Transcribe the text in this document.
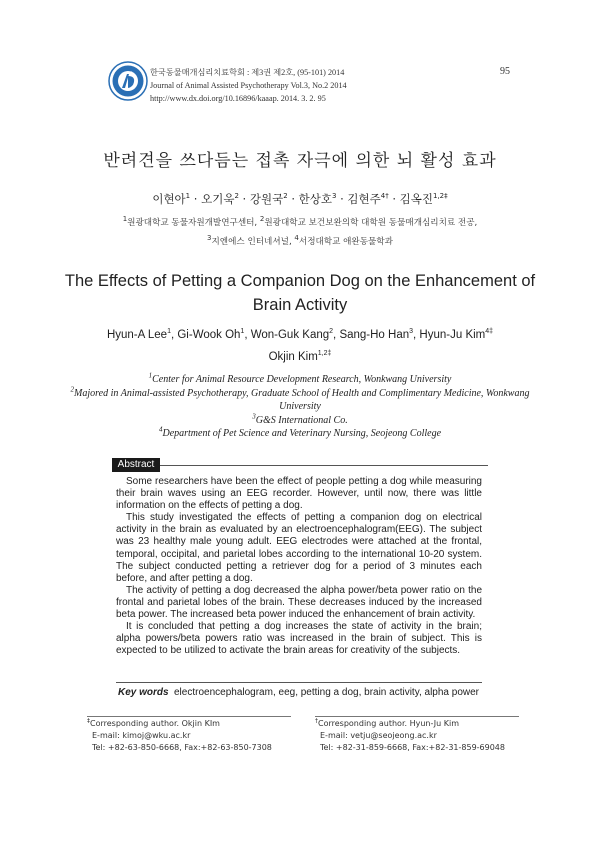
한국동물매개심리치료학회 : 제3권 제2호, (95-101) 2014
Journal of Animal Assisted Psychotherapy Vol.3, No.2 2014
http://www.dx.doi.org/10.16896/kaaap. 2014. 3. 2. 95
95
반려견을 쓰다듬는 접촉 자극에 의한 뇌 활성 효과
이현아$^1$ · 오기욱$^2$ · 강원국$^2$ · 한상호$^3$ · 김현주$^{4\dagger}$ · 김옥진$^{1,2\ddagger}$
$^1$원광대학교 동물자원개발연구센터, $^2$원광대학교 보건보완의학 대학원 동물매개심리치료 전공,
$^3$지엔에스 인터네셔널, $^4$서정대학교 애완동물학과
The Effects of Petting a Companion Dog on the Enhancement of Brain Activity
Hyun-A Lee$^1$, Gi-Wook Oh$^1$, Won-Guk Kang$^2$, Sang-Ho Han$^3$, Hyun-Ju Kim$^{4\ddagger}$
Okjin Kim$^{1,2\ddagger}$
$^1$Center for Animal Resource Development Research, Wonkwang University
$^2$Majored in Animal-assisted Psychotherapy, Graduate School of Health and Complimentary Medicine, Wonkwang University
$^3$G&S International Co.
$^4$Department of Pet Science and Veterinary Nursing, Seojeong College
Abstract

Some researchers have been the effect of people petting a dog while measuring their brain waves using an EEG recorder. However, until now, there was little information on the effects of petting a dog.

This study investigated the effects of petting a companion dog on electrical activity in the brain as evaluated by an electroencephalogram(EEG). The subject was 23 healthy male young adult. EEG electrodes were attached at the frontal, temporal, occipital, and parietal lobes according to the international 10-20 system. The subject conducted petting a retriever dog for a period of 3 minutes each before, and after petting a dog.

The activity of petting a dog decreased the alpha power/beta power ratio on the frontal and parietal lobes of the brain. These decreases induced by the increased beta power. The increased beta power induced the enhancement of brain activity.

It is concluded that petting a dog increases the state of activity in the brain; alpha powers/beta powers ratio was increased in the brain of subject. This is expected to be utilized to activate the brain areas for creativity of the subjects.

Key words electroencephalogram, eeg, petting a dog, brain activity, alpha power
‡Corresponding author. Okjin KIm
E-mail: kimoj@wku.ac.kr
Tel: +82-63-850-6668, Fax:+82-63-850-7308
†Corresponding author. Hyun-Ju Kim
E-mail: vetju@seojeong.ac.kr
Tel: +82-31-859-6668, Fax:+82-31-859-69048
